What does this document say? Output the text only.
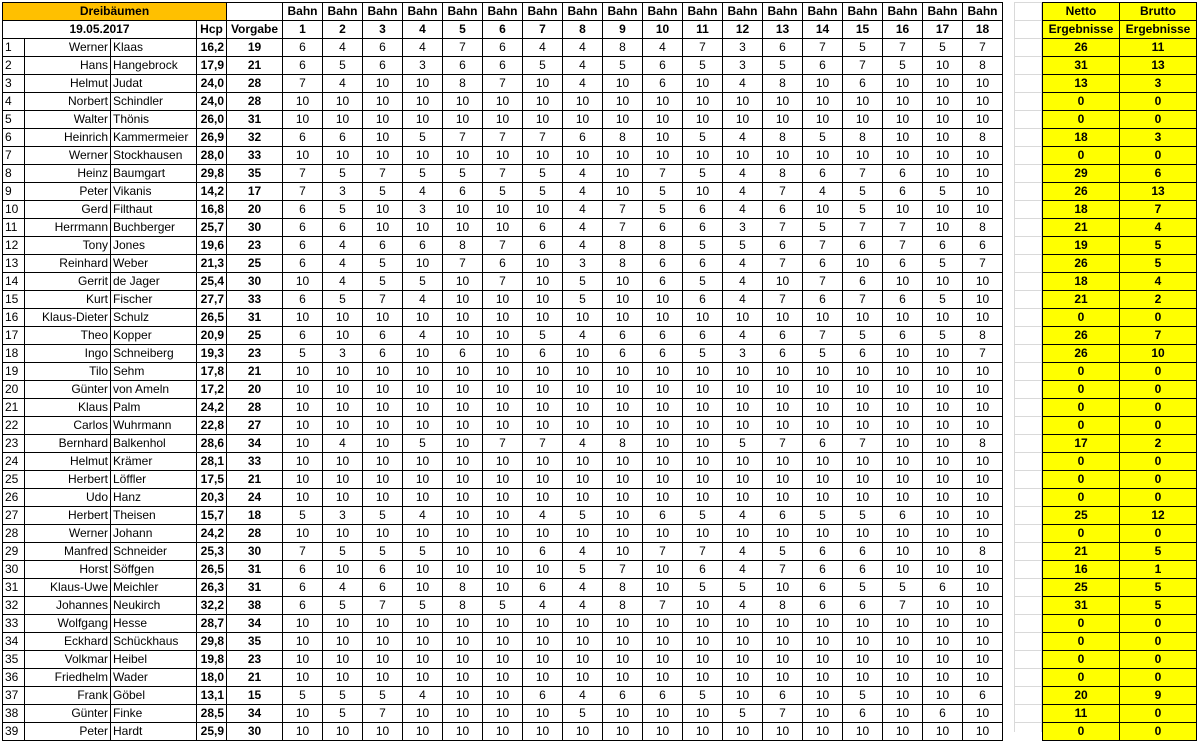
Dreibäumen					Bahn	Bahn	Bahn	Bahn	Bahn	Bahn	Bahn	Bahn	Bahn	Bahn	Bahn	Bahn	Bahn	Bahn	Bahn	Bahn	Bahn	Bahn
19.05.2017			Hcp	Vorgabe	1	2	3	4	5	6	7	8	9	10	11	12	13	14	15	16	17	18
1	Werner	Klaas	16,2	19	6	4	6	4	7	6	4	4	8	4	7	3	6	7	5	7	5	7
2	Hans	Hangebrock	17,9	21	6	5	6	3	6	6	5	4	5	6	5	3	5	6	7	5	10	8
3	Helmut	Judat	24,0	28	7	4	10	10	8	7	10	4	10	6	10	4	8	10	6	10	10	10
4	Norbert	Schindler	24,0	28	10	10	10	10	10	10	10	10	10	10	10	10	10	10	10	10	10	10
5	Walter	Thönis	26,0	31	10	10	10	10	10	10	10	10	10	10	10	10	10	10	10	10	10	10
6	Heinrich	Kammermeier	26,9	32	6	6	10	5	7	7	7	6	8	10	5	4	8	5	8	10	10	8
7	Werner	Stockhausen	28,0	33	10	10	10	10	10	10	10	10	10	10	10	10	10	10	10	10	10	10
8	Heinz	Baumgart	29,8	35	7	5	7	5	5	7	5	4	10	7	5	4	8	6	7	6	10	10
9	Peter	Vikanis	14,2	17	7	3	5	4	6	5	5	4	10	5	10	4	7	4	5	6	5	10
10	Gerd	Filthaut	16,8	20	6	5	10	3	10	10	10	4	7	5	6	4	6	10	5	10	10	10
11	Herrmann	Buchberger	25,7	30	6	6	10	10	10	10	6	4	7	6	6	3	7	5	7	7	10	8
12	Tony	Jones	19,6	23	6	4	6	6	8	7	6	4	8	8	5	5	6	7	6	7	6	6
13	Reinhard	Weber	21,3	25	6	4	5	10	7	6	10	3	8	6	6	4	7	6	10	6	5	7
14	Gerrit	de Jager	25,4	30	10	4	5	5	10	7	10	5	10	6	5	4	10	7	6	10	10	10
15	Kurt	Fischer	27,7	33	6	5	7	4	10	10	10	5	10	10	6	4	7	6	7	6	5	10
16	Klaus-Dieter	Schulz	26,5	31	10	10	10	10	10	10	10	10	10	10	10	10	10	10	10	10	10	10
17	Theo	Kopper	20,9	25	6	10	6	4	10	10	5	4	6	6	6	4	6	7	5	6	5	8
18	Ingo	Schneiberg	19,3	23	5	3	6	10	6	10	6	10	6	6	5	3	6	5	6	10	10	7
19	Tilo	Sehm	17,8	21	10	10	10	10	10	10	10	10	10	10	10	10	10	10	10	10	10	10
20	Günter	von Ameln	17,2	20	10	10	10	10	10	10	10	10	10	10	10	10	10	10	10	10	10	10
21	Klaus	Palm	24,2	28	10	10	10	10	10	10	10	10	10	10	10	10	10	10	10	10	10	10
22	Carlos	Wuhrmann	22,8	27	10	10	10	10	10	10	10	10	10	10	10	10	10	10	10	10	10	10
23	Bernhard	Balkenhol	28,6	34	10	4	10	5	10	7	7	4	8	10	10	5	7	6	7	10	10	8
24	Helmut	Krämer	28,1	33	10	10	10	10	10	10	10	10	10	10	10	10	10	10	10	10	10	10
25	Herbert	Löffler	17,5	21	10	10	10	10	10	10	10	10	10	10	10	10	10	10	10	10	10	10
26	Udo	Hanz	20,3	24	10	10	10	10	10	10	10	10	10	10	10	10	10	10	10	10	10	10
27	Herbert	Theisen	15,7	18	5	3	5	4	10	10	4	5	10	6	5	4	6	5	5	6	10	10
28	Werner	Johann	24,2	28	10	10	10	10	10	10	10	10	10	10	10	10	10	10	10	10	10	10
29	Manfred	Schneider	25,3	30	7	5	5	5	10	10	6	4	10	7	7	4	5	6	6	10	10	8
30	Horst	Söffgen	26,5	31	6	10	6	10	10	10	10	5	7	10	6	4	7	6	6	10	10	10
31	Klaus-Uwe	Meichler	26,3	31	6	4	6	10	8	10	6	4	8	10	5	5	10	6	5	5	6	10
32	Johannes	Neukirch	32,2	38	6	5	7	5	8	5	4	4	8	7	10	4	8	6	6	7	10	10
33	Wolfgang	Hesse	28,7	34	10	10	10	10	10	10	10	10	10	10	10	10	10	10	10	10	10	10
34	Eckhard	Schückhaus	29,8	35	10	10	10	10	10	10	10	10	10	10	10	10	10	10	10	10	10	10
35	Volkmar	Heibel	19,8	23	10	10	10	10	10	10	10	10	10	10	10	10	10	10	10	10	10	10
36	Friedhelm	Wader	18,0	21	10	10	10	10	10	10	10	10	10	10	10	10	10	10	10	10	10	10
37	Frank	Göbel	13,1	15	5	5	5	4	10	10	6	4	6	6	5	10	6	10	5	10	10	6
38	Günter	Finke	28,5	34	10	5	7	10	10	10	10	5	10	10	10	5	7	10	6	10	6	10
39	Peter	Hardt	25,9	30	10	10	10	10	10	10	10	10	10	10	10	10	10	10	10	10	10	10
Netto	Brutto
Ergebnisse	Ergebnisse
26	11
31	13
13	3
0	0
0	0
18	3
0	0
29	6
26	13
18	7
21	4
19	5
26	5
18	4
21	2
0	0
26	7
26	10
0	0
0	0
0	0
0	0
17	2
0	0
0	0
0	0
25	12
0	0
21	5
16	1
25	5
31	5
0	0
0	0
0	0
0	0
20	9
11	0
0	0
